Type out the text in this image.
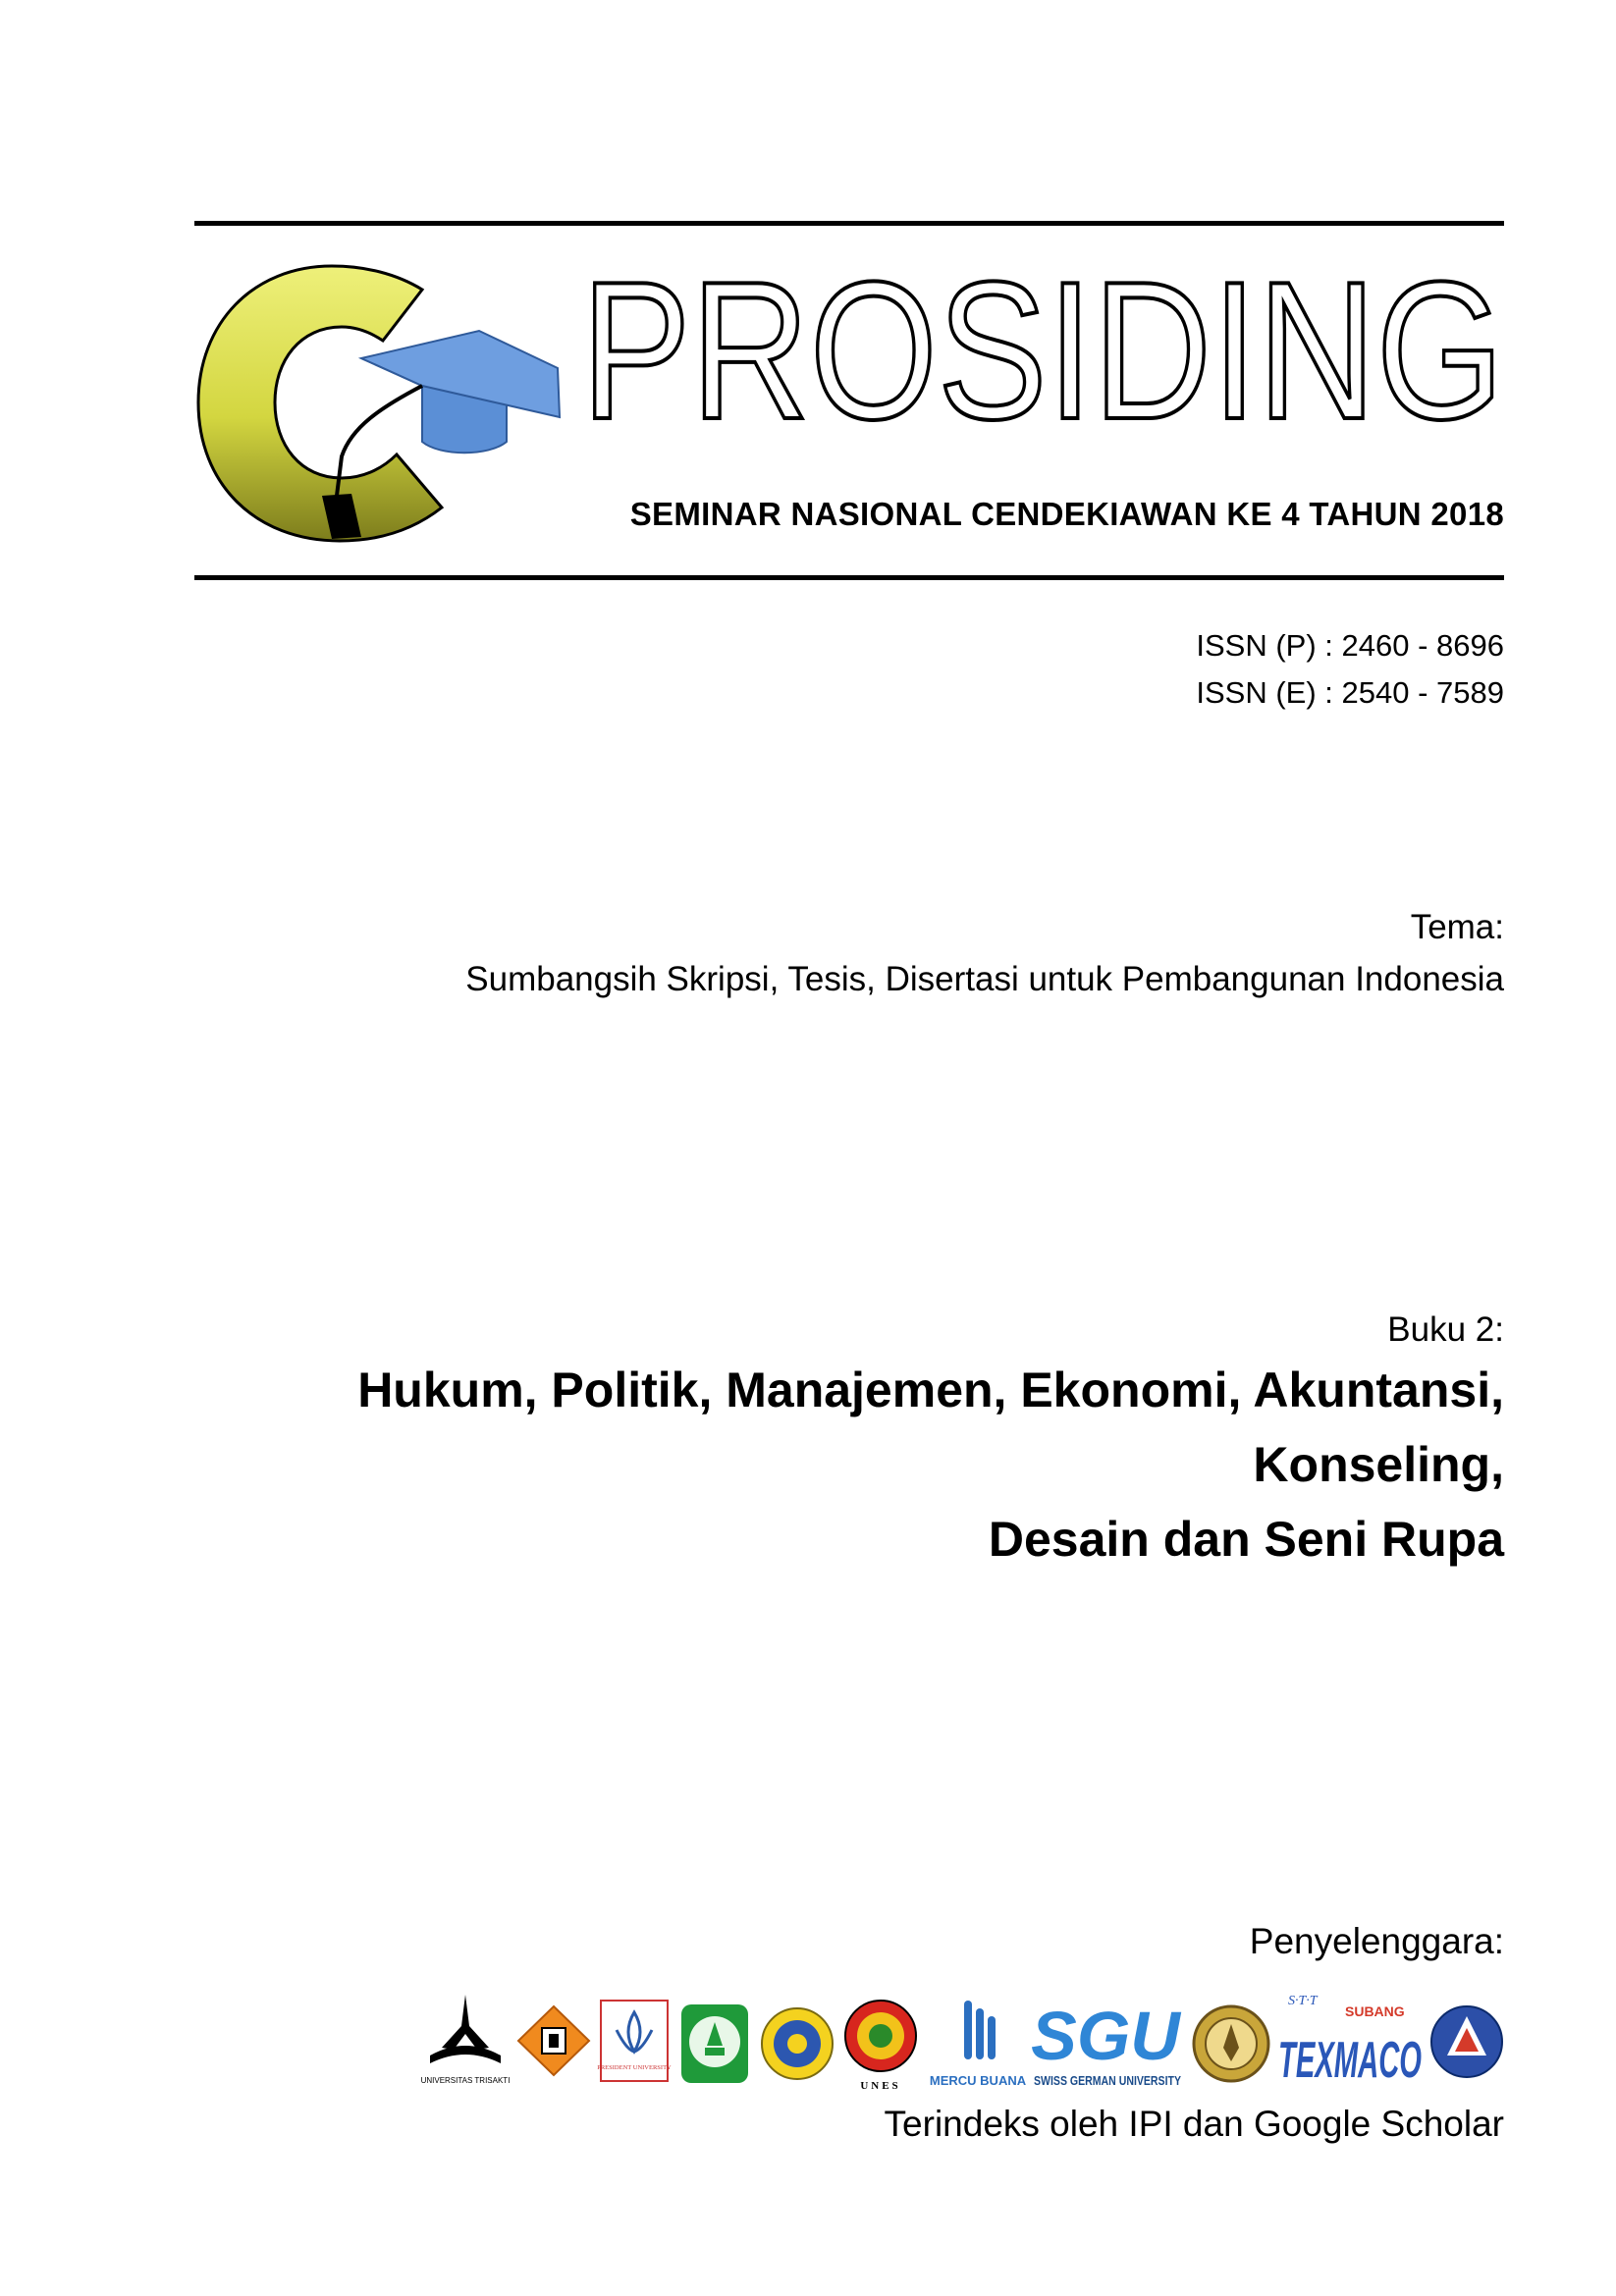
PROSIDING
SEMINAR NASIONAL CENDEKIAWAN KE 4 TAHUN 2018
ISSN (P) : 2460 - 8696
ISSN (E) : 2540 - 7589
Tema:
Sumbangsih Skripsi, Tesis, Disertasi untuk Pembangunan Indonesia
Buku 2:
Hukum, Politik, Manajemen, Ekonomi, Akuntansi,
Konseling,
Desain dan Seni Rupa
Penyelenggara:
UNIVERSITAS TRISAKTI
PRESIDENT UNIVERSITY
UNES MERCU BUANA
SGU
SWISS GERMAN UNIVERSITY
S·T·T
SUBANG
TEXMACO
Terindeks oleh IPI dan Google Scholar
